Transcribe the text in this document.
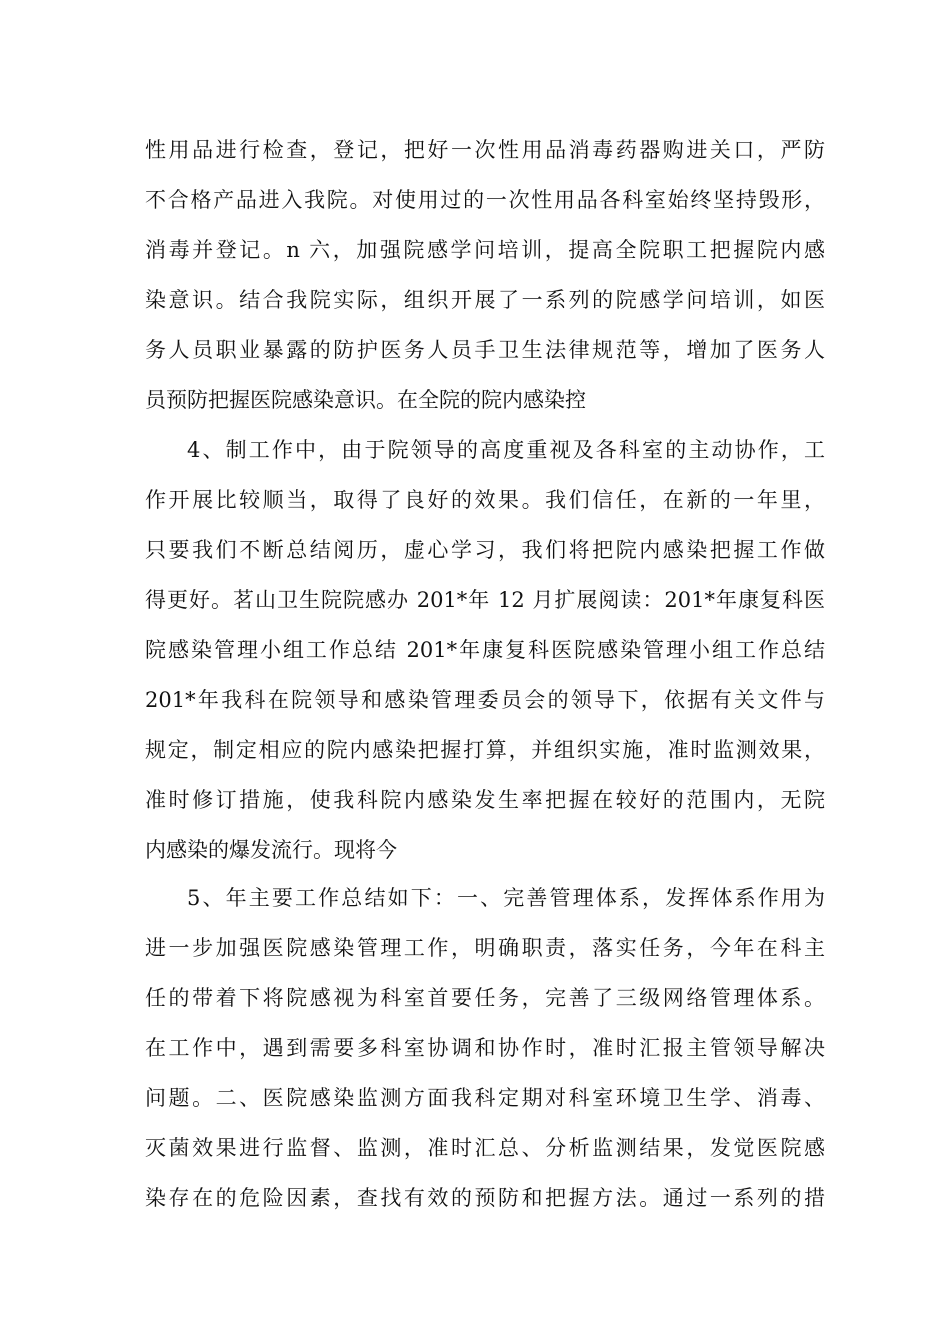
性用品进行检查，登记，把好一次性用品消毒药器购进关口，严防
不合格产品进入我院。对使用过的一次性用品各科室始终坚持毁形，
消毒并登记。n 六，加强院感学问培训，提高全院职工把握院内感
染意识。结合我院实际，组织开展了一系列的院感学问培训，如医
务人员职业暴露的防护医务人员手卫生法律规范等，增加了医务人
员预防把握医院感染意识。在全院的院内感染控
4、制工作中，由于院领导的高度重视及各科室的主动协作，工
作开展比较顺当，取得了良好的效果。我们信任，在新的一年里，
只要我们不断总结阅历，虚心学习，我们将把院内感染把握工作做
得更好。茗山卫生院院感办 201*年 12 月扩展阅读：201*年康复科医
院感染管理小组工作总结 201*年康复科医院感染管理小组工作总结
201*年我科在院领导和感染管理委员会的领导下，依据有关文件与
规定，制定相应的院内感染把握打算，并组织实施，准时监测效果，
准时修订措施，使我科院内感染发生率把握在较好的范围内，无院
内感染的爆发流行。现将今
5、年主要工作总结如下：一、完善管理体系，发挥体系作用为
进一步加强医院感染管理工作，明确职责，落实任务，今年在科主
任的带着下将院感视为科室首要任务，完善了三级网络管理体系。
在工作中，遇到需要多科室协调和协作时，准时汇报主管领导解决
问题。二、医院感染监测方面我科定期对科室环境卫生学、消毒、
灭菌效果进行监督、监测，准时汇总、分析监测结果，发觉医院感
染存在的危险因素，查找有效的预防和把握方法。通过一系列的措
